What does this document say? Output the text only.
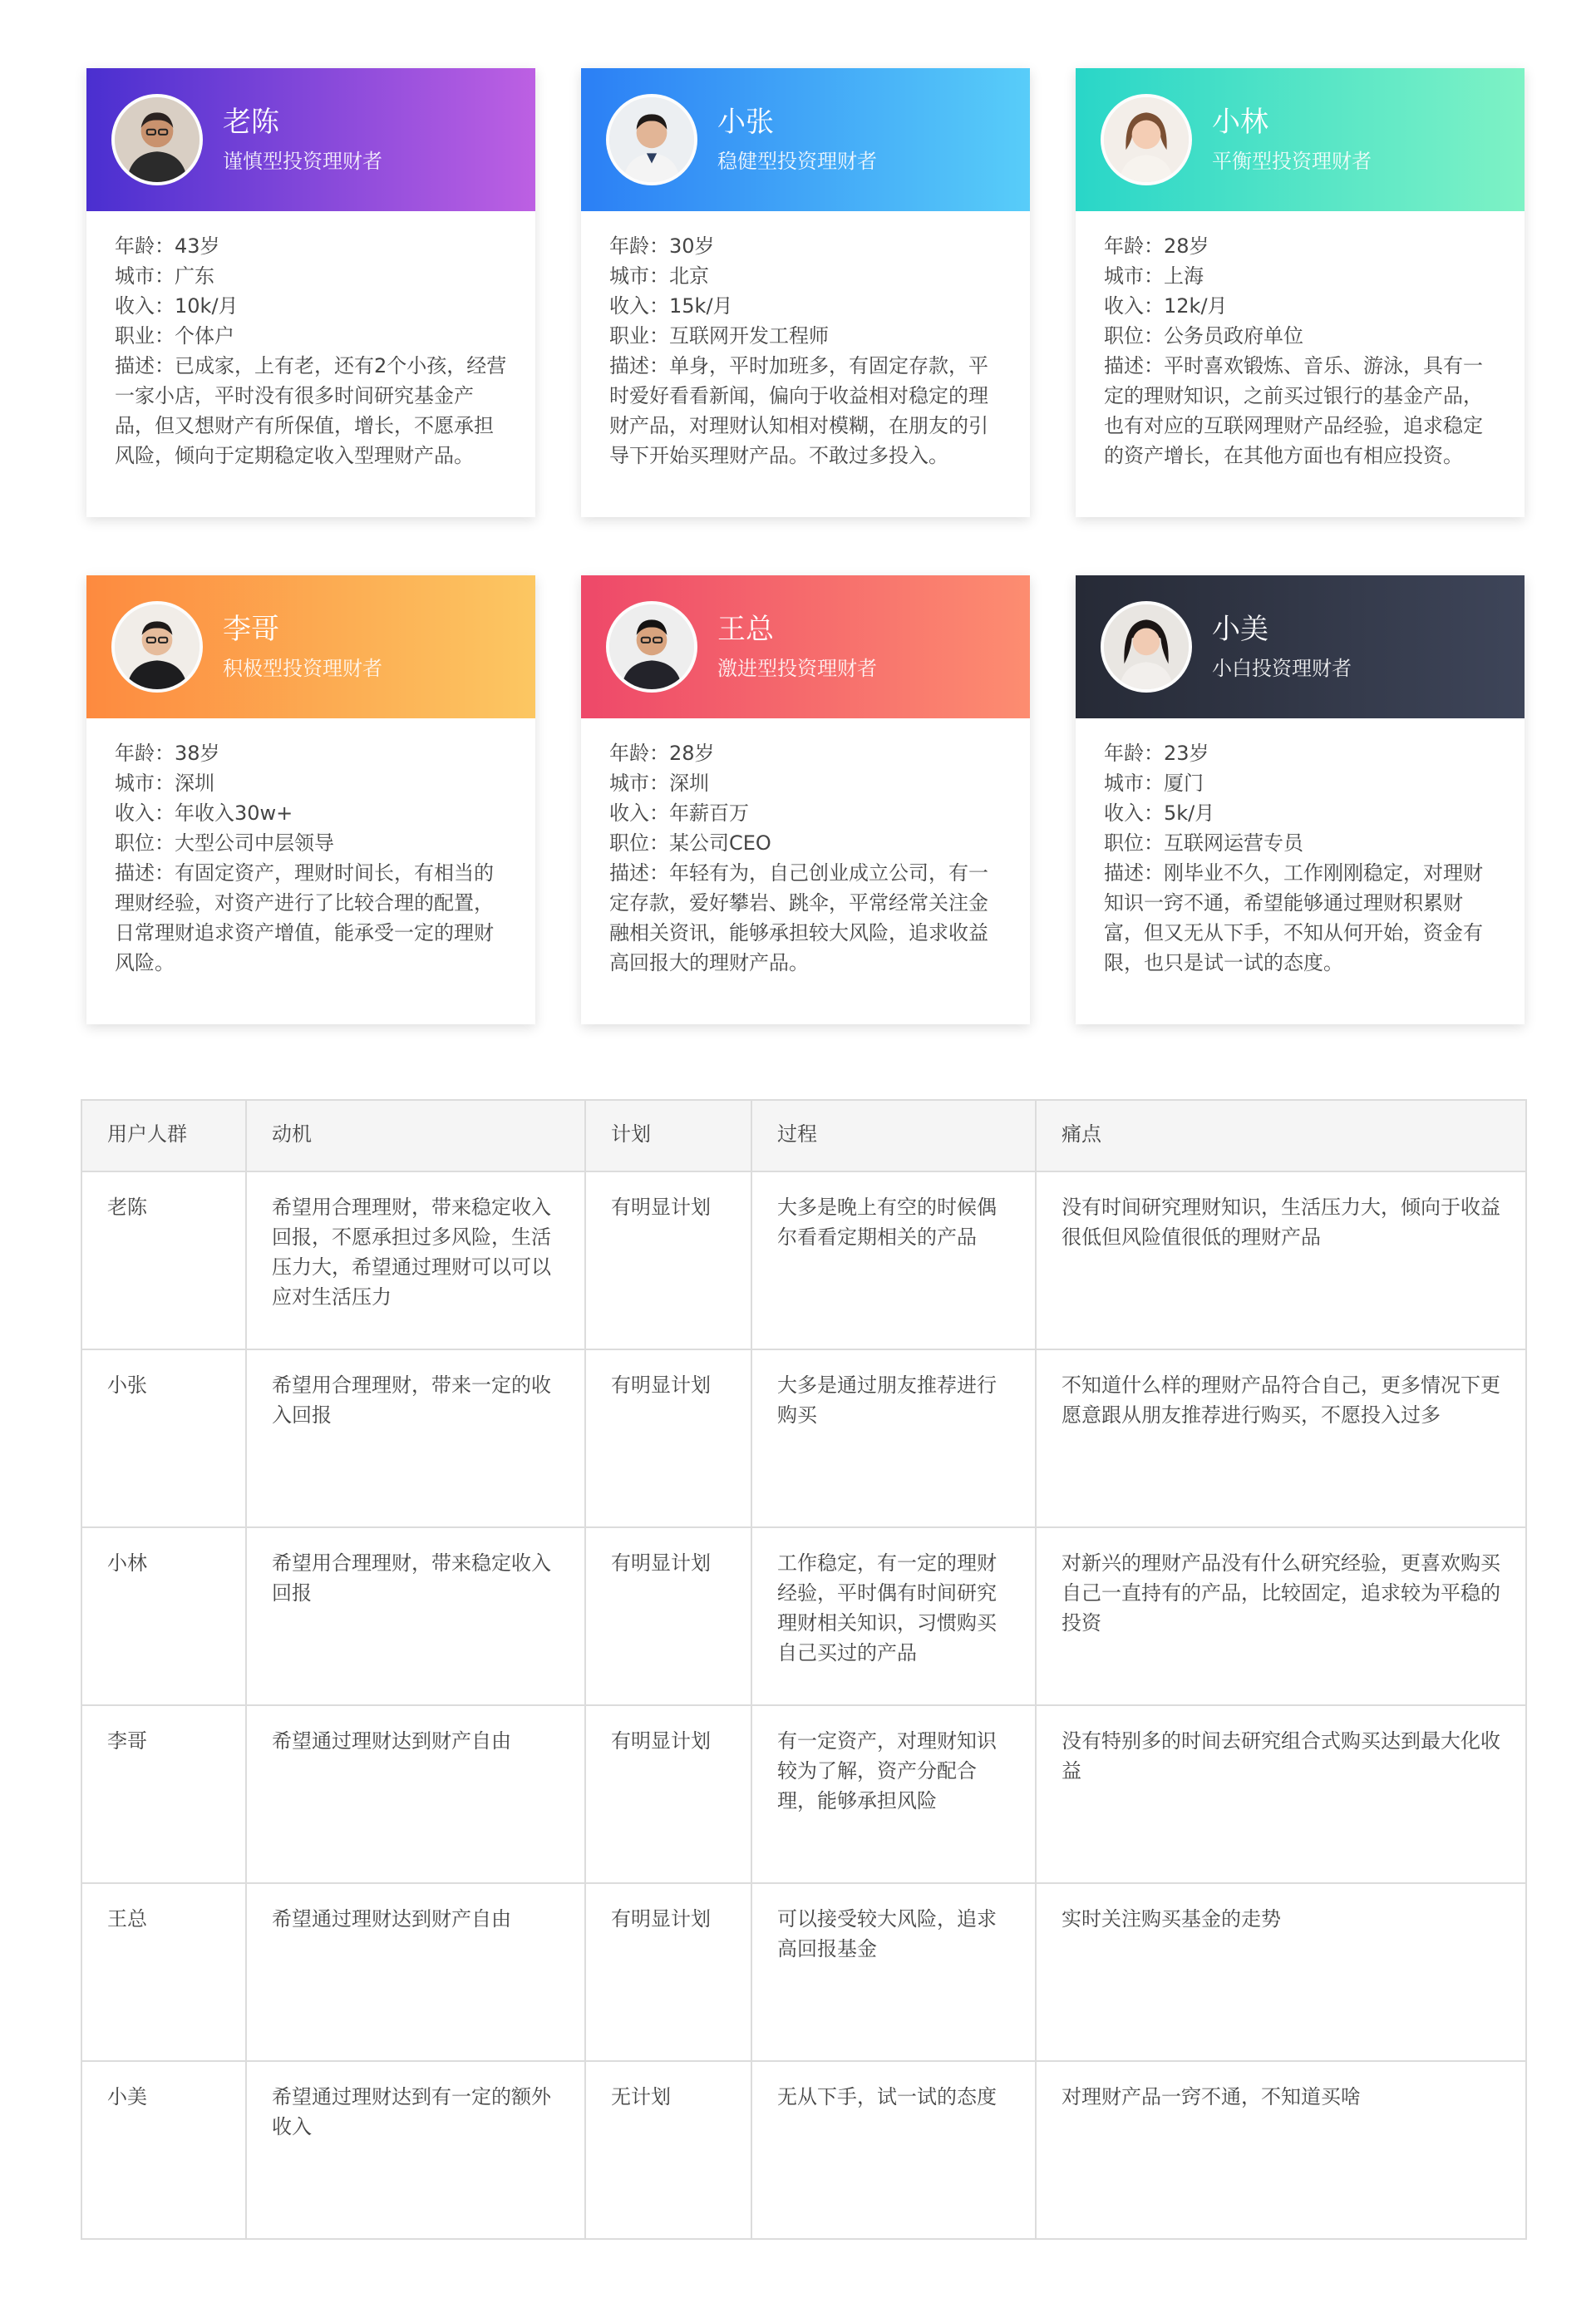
老陈
谨慎型投资理财者
年龄：43岁
城市：广东
收入：10k/月
职业：个体户
描述：已成家，上有老，还有2个小孩，经营一家小店，平时没有很多时间研究基金产品，但又想财产有所保值，增长，不愿承担风险，倾向于定期稳定收入型理财产品。
小张
稳健型投资理财者
年龄：30岁
城市：北京
收入：15k/月
职业：互联网开发工程师
描述：单身，平时加班多，有固定存款，平时爱好看看新闻，偏向于收益相对稳定的理财产品，对理财认知相对模糊，在朋友的引导下开始买理财产品。不敢过多投入。
小林
平衡型投资理财者
年龄：28岁
城市：上海
收入：12k/月
职位：公务员政府单位
描述：平时喜欢锻炼、音乐、游泳，具有一定的理财知识，之前买过银行的基金产品，也有对应的互联网理财产品经验，追求稳定的资产增长，在其他方面也有相应投资。
李哥
积极型投资理财者
年龄：38岁
城市：深圳
收入：年收入30w+
职位：大型公司中层领导
描述：有固定资产，理财时间长，有相当的理财经验，对资产进行了比较合理的配置，日常理财追求资产增值，能承受一定的理财风险。
王总
激进型投资理财者
年龄：28岁
城市：深圳
收入：年薪百万
职位：某公司CEO
描述：年轻有为，自己创业成立公司，有一定存款，爱好攀岩、跳伞，平常经常关注金融相关资讯，能够承担较大风险，追求收益高回报大的理财产品。
小美
小白投资理财者
年龄：23岁
城市：厦门
收入：5k/月
职位：互联网运营专员
描述：刚毕业不久，工作刚刚稳定，对理财知识一窍不通，希望能够通过理财积累财富，但又无从下手，不知从何开始，资金有限，也只是试一试的态度。
用户人群	动机	计划	过程	痛点
老陈	希望用合理理财，带来稳定收入回报，不愿承担过多风险，生活压力大，希望通过理财可以可以应对生活压力	有明显计划	大多是晚上有空的时候偶尔看看定期相关的产品	没有时间研究理财知识，生活压力大，倾向于收益很低但风险值很低的理财产品
小张	希望用合理理财，带来一定的收入回报	有明显计划	大多是通过朋友推荐进行购买	不知道什么样的理财产品符合自己，更多情况下更愿意跟从朋友推荐进行购买，不愿投入过多
小林	希望用合理理财，带来稳定收入回报	有明显计划	工作稳定，有一定的理财经验，平时偶有时间研究理财相关知识，习惯购买自己买过的产品	对新兴的理财产品没有什么研究经验，更喜欢购买自己一直持有的产品，比较固定，追求较为平稳的投资
李哥	希望通过理财达到财产自由	有明显计划	有一定资产，对理财知识较为了解，资产分配合理，能够承担风险	没有特别多的时间去研究组合式购买达到最大化收益
王总	希望通过理财达到财产自由	有明显计划	可以接受较大风险，追求高回报基金	实时关注购买基金的走势
小美	希望通过理财达到有一定的额外收入	无计划	无从下手，试一试的态度	对理财产品一窍不通，不知道买啥
